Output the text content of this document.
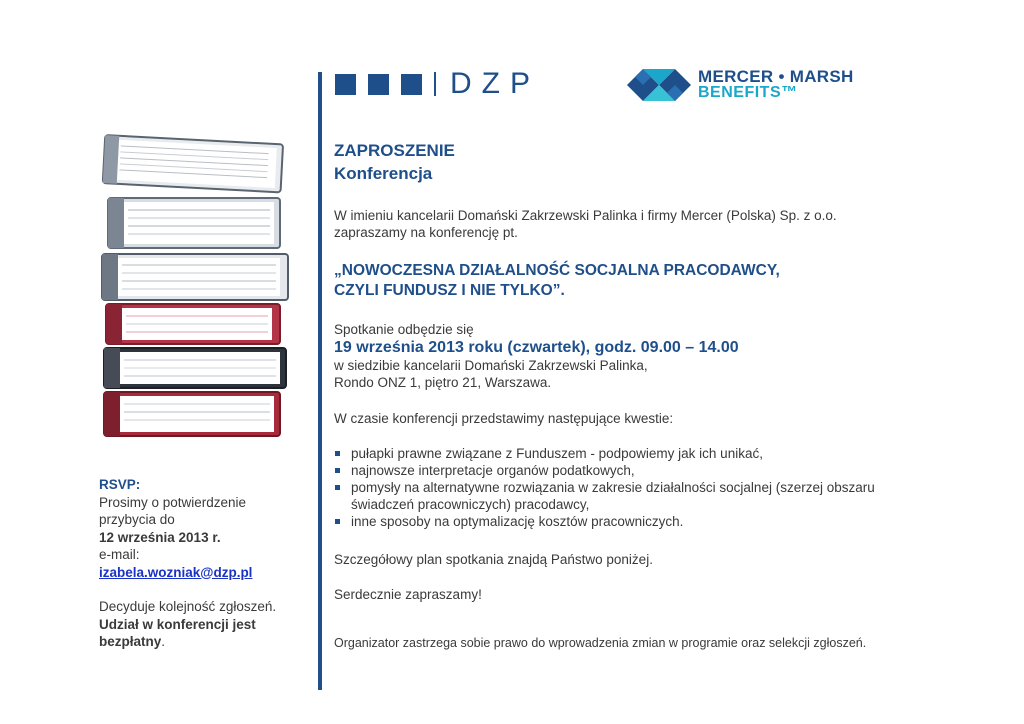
DZP	MERCER • MARSH
BENEFITS™
RSVP:
Prosimy o potwierdzenie
przybycia do
12 września 2013 r.
e-mail:
izabela.wozniak@dzp.pl
Decyduje kolejność zgłoszeń.
Udział w konferencji jest
bezpłatny.
ZAPROSZENIE
Konferencja
W imieniu kancelarii Domański Zakrzewski Palinka i firmy Mercer (Polska) Sp. z o.o.
zapraszamy na konferencję pt.
„NOWOCZESNA DZIAŁALNOŚĆ SOCJALNA PRACODAWCY,
CZYLI FUNDUSZ I NIE TYLKO”.
Spotkanie odbędzie się
19 września 2013 roku (czwartek), godz. 09.00 – 14.00
w siedzibie kancelarii Domański Zakrzewski Palinka,
Rondo ONZ 1, piętro 21, Warszawa.
W czasie konferencji przedstawimy następujące kwestie:
pułapki prawne związane z Funduszem - podpowiemy jak ich unikać,
najnowsze interpretacje organów podatkowych,
pomysły na alternatywne rozwiązania w zakresie działalności socjalnej (szerzej obszaru świadczeń pracowniczych) pracodawcy,
inne sposoby na optymalizację kosztów pracowniczych.
Szczegółowy plan spotkania znajdą Państwo poniżej.
Serdecznie zapraszamy!
Organizator zastrzega sobie prawo do wprowadzenia zmian w programie oraz selekcji zgłoszeń.
